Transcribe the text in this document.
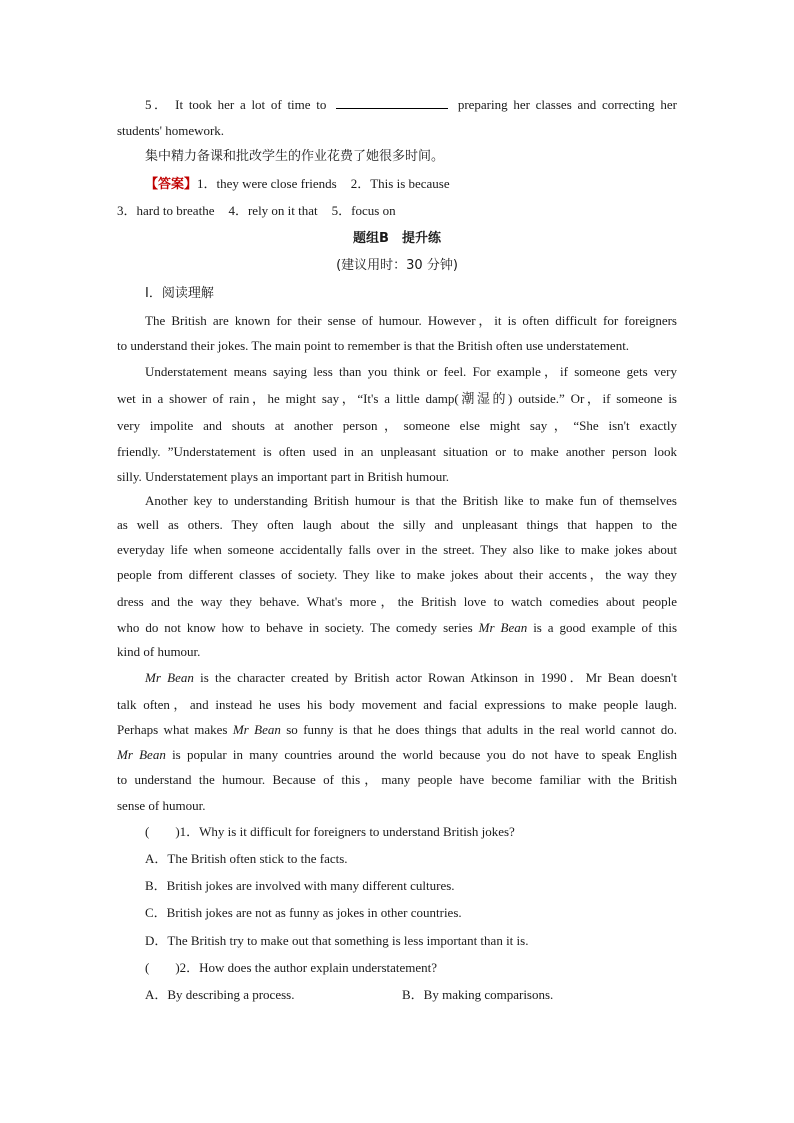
5． It took her a lot of time to	preparing her classes and correcting her
students' homework.
集中精力备课和批改学生的作业花费了她很多时间。
【答案】1．they were close friends 2．This is because
3．hard to breathe 4．rely on it that 5．focus on
题组B　提升练
(建议用时：30 分钟)
Ⅰ．阅读理解
The British are known for their sense of humour. However，it is often difficult for foreigners
to understand their jokes. The main point to remember is that the British often use understatement.
Understatement means saying less than you think or feel. For example，if someone gets very
wet in a shower of rain，he might say，“It's a little damp(潮湿的) outside.” Or，if someone is
very impolite and shouts at another person，someone else might say，“She isn't exactly
friendly. ”Understatement is often used in an unpleasant situation or to make another person look
silly. Understatement plays an important part in British humour.
Another key to understanding British humour is that the British like to make fun of themselves
as well as others. They often laugh about the silly and unpleasant things that happen to the
everyday life when someone accidentally falls over in the street. They also like to make jokes about
people from different classes of society. They like to make jokes about their accents，the way they
dress and the way they behave. What's more，the British love to watch comedies about people
who do not know how to behave in society. The comedy series Mr Bean is a good example of this
kind of humour.
Mr Bean is the character created by British actor Rowan Atkinson in 1990．Mr Bean doesn't
talk often，and instead he uses his body movement and facial expressions to make people laugh.
Perhaps what makes Mr Bean so funny is that he does things that adults in the real world cannot do.
Mr Bean is popular in many countries around the world because you do not have to speak English
to understand the humour. Because of this，many people have become familiar with the British
sense of humour.
(　　)1．Why is it difficult for foreigners to understand British jokes?
A．The British often stick to the facts.
B．British jokes are involved with many different cultures.
C．British jokes are not as funny as jokes in other countries.
D．The British try to make out that something is less important than it is.
(　　)2．How does the author explain understatement?
A．By describing a process.	B．By making comparisons.
